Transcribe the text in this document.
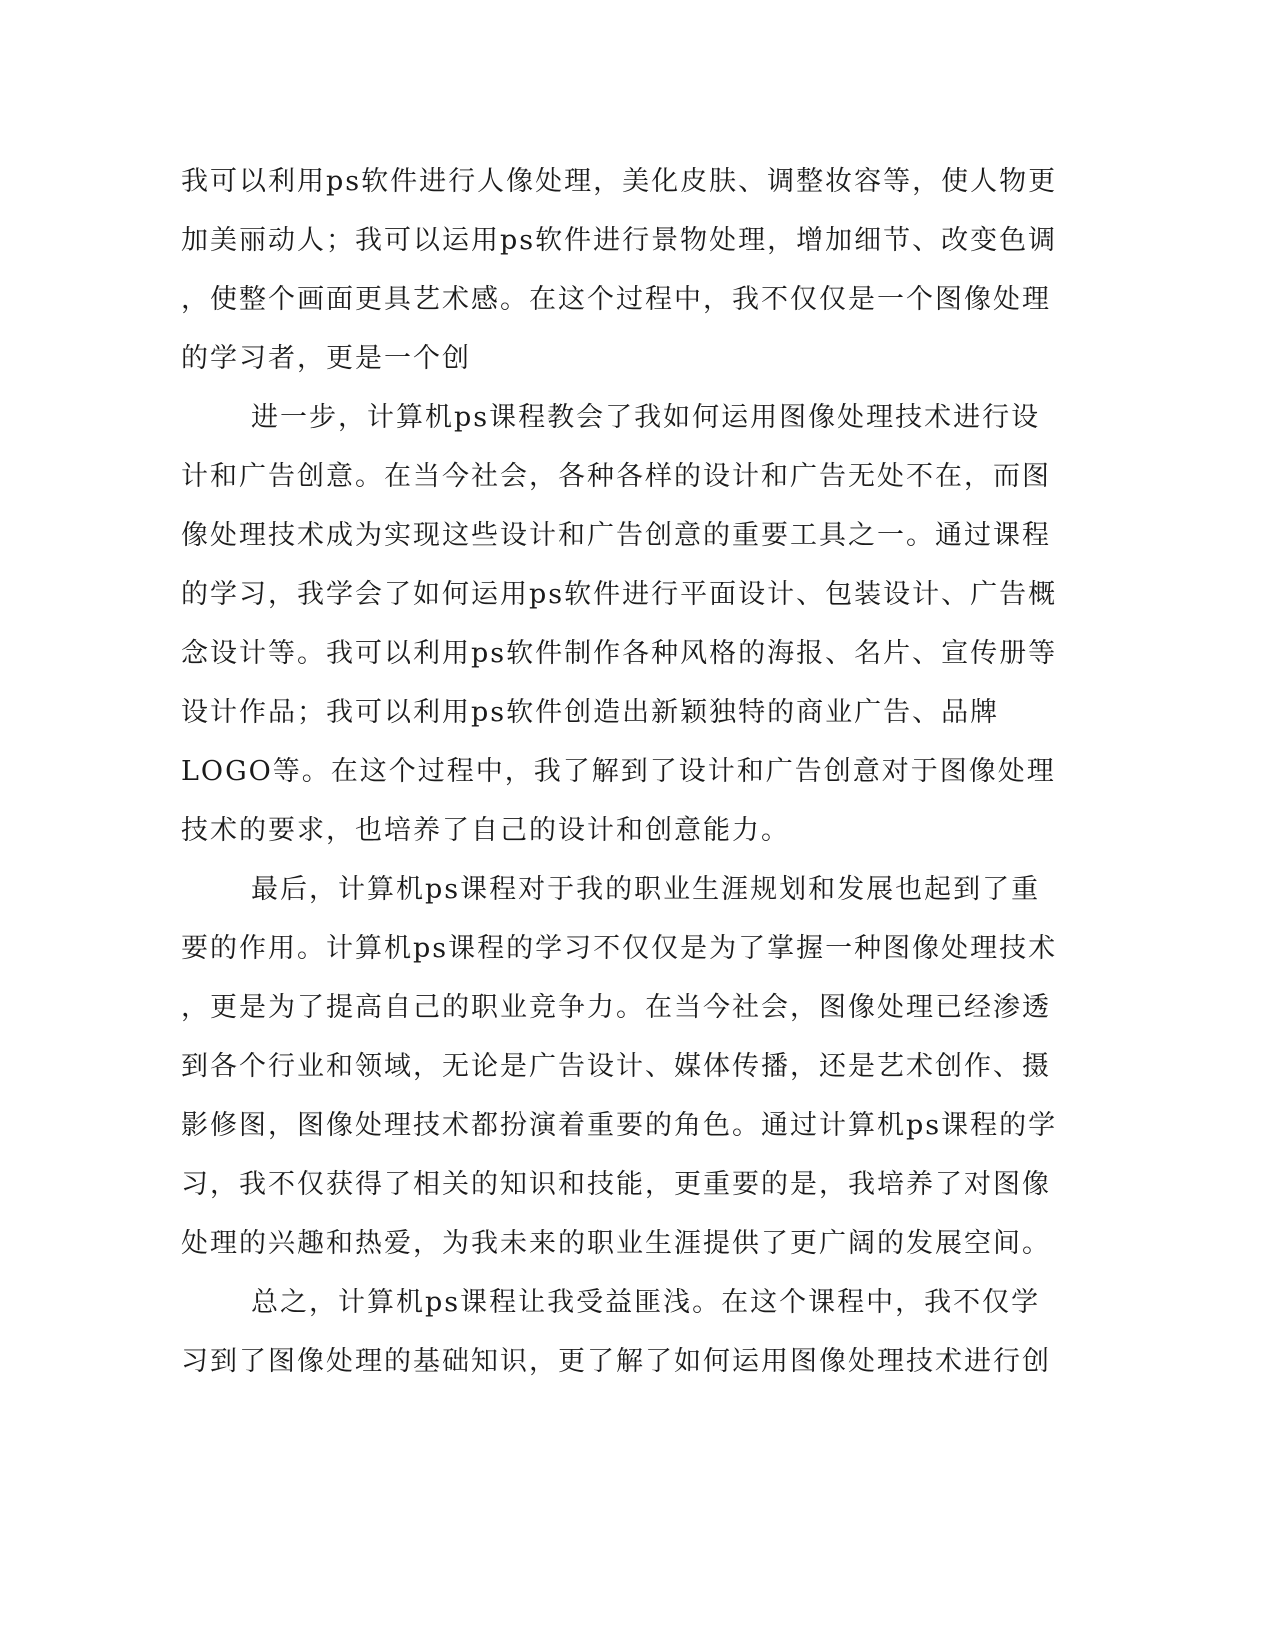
我可以利用ps软件进行人像处理，美化皮肤、调整妆容等，使人物更
加美丽动人；我可以运用ps软件进行景物处理，增加细节、改变色调
，使整个画面更具艺术感。在这个过程中，我不仅仅是一个图像处理
的学习者，更是一个创
进一步，计算机ps课程教会了我如何运用图像处理技术进行设
计和广告创意。在当今社会，各种各样的设计和广告无处不在，而图
像处理技术成为实现这些设计和广告创意的重要工具之一。通过课程
的学习，我学会了如何运用ps软件进行平面设计、包装设计、广告概
念设计等。我可以利用ps软件制作各种风格的海报、名片、宣传册等
设计作品；我可以利用ps软件创造出新颖独特的商业广告、品牌
LOGO等。在这个过程中，我了解到了设计和广告创意对于图像处理
技术的要求，也培养了自己的设计和创意能力。
最后，计算机ps课程对于我的职业生涯规划和发展也起到了重
要的作用。计算机ps课程的学习不仅仅是为了掌握一种图像处理技术
，更是为了提高自己的职业竞争力。在当今社会，图像处理已经渗透
到各个行业和领域，无论是广告设计、媒体传播，还是艺术创作、摄
影修图，图像处理技术都扮演着重要的角色。通过计算机ps课程的学
习，我不仅获得了相关的知识和技能，更重要的是，我培养了对图像
处理的兴趣和热爱，为我未来的职业生涯提供了更广阔的发展空间。
总之，计算机ps课程让我受益匪浅。在这个课程中，我不仅学
习到了图像处理的基础知识，更了解了如何运用图像处理技术进行创
